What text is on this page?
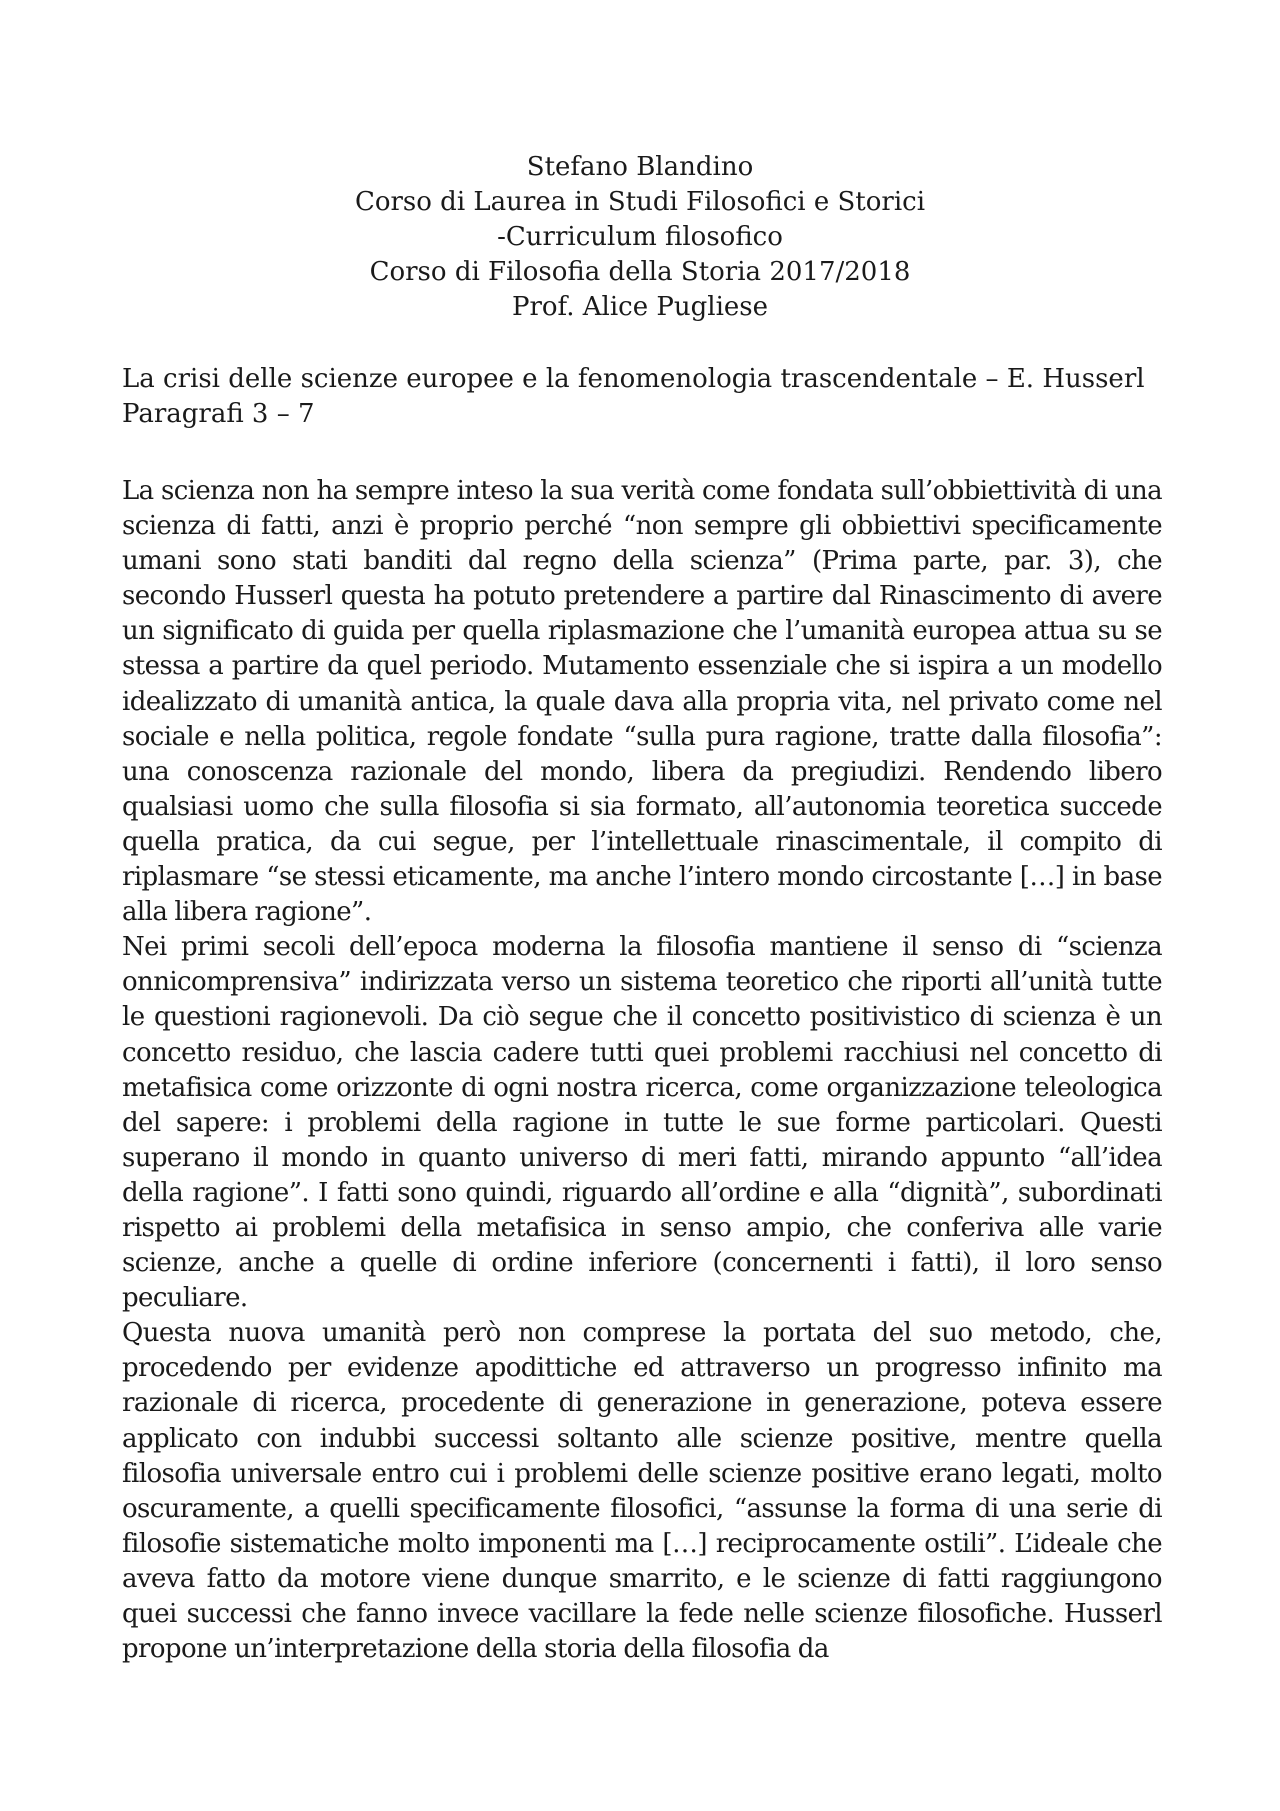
Stefano Blandino
Corso di Laurea in Studi Filosofici e Storici
-Curriculum filosofico
Corso di Filosofia della Storia 2017/2018
Prof. Alice Pugliese
La crisi delle scienze europee e la fenomenologia trascendentale – E. Husserl
Paragrafi 3 – 7

La scienza non ha sempre inteso la sua verità come fondata sull’obbiettività di una scienza di fatti, anzi è proprio perché “non sempre gli obbiettivi specificamente umani sono stati banditi dal regno della scienza” (Prima parte, par. 3), che secondo Husserl questa ha potuto pretendere a partire dal Rinascimento di avere un significato di guida per quella riplasmazione che l’umanità europea attua su se stessa a partire da quel periodo. Mutamento essenziale che si ispira a un modello idealizzato di umanità antica, la quale dava alla propria vita, nel privato come nel sociale e nella politica, regole fondate “sulla pura ragione, tratte dalla filosofia”: una conoscenza razionale del mondo, libera da pregiudizi. Rendendo libero qualsiasi uomo che sulla filosofia si sia formato, all’autonomia teoretica succede quella pratica, da cui segue, per l’intellettuale rinascimentale, il compito di riplasmare “se stessi eticamente, ma anche l’intero mondo circostante […] in base alla libera ragione”.

Nei primi secoli dell’epoca moderna la filosofia mantiene il senso di “scienza onnicomprensiva” indirizzata verso un sistema teoretico che riporti all’unità tutte le questioni ragionevoli. Da ciò segue che il concetto positivistico di scienza è un concetto residuo, che lascia cadere tutti quei problemi racchiusi nel concetto di metafisica come orizzonte di ogni nostra ricerca, come organizzazione teleologica del sapere: i problemi della ragione in tutte le sue forme particolari. Questi superano il mondo in quanto universo di meri fatti, mirando appunto “all’idea della ragione”. I fatti sono quindi, riguardo all’ordine e alla “dignità”, subordinati rispetto ai problemi della metafisica in senso ampio, che conferiva alle varie scienze, anche a quelle di ordine inferiore (concernenti i fatti), il loro senso peculiare.

Questa nuova umanità però non comprese la portata del suo metodo, che, procedendo per evidenze apodittiche ed attraverso un progresso infinito ma razionale di ricerca, procedente di generazione in generazione, poteva essere applicato con indubbi successi soltanto alle scienze positive, mentre quella filosofia universale entro cui i problemi delle scienze positive erano legati, molto oscuramente, a quelli specificamente filosofici, “assunse la forma di una serie di filosofie sistematiche molto imponenti ma […] reciprocamente ostili”. L’ideale che aveva fatto da motore viene dunque smarrito, e le scienze di fatti raggiungono quei successi che fanno invece vacillare la fede nelle scienze filosofiche. Husserl propone un’interpretazione della storia della filosofia da
